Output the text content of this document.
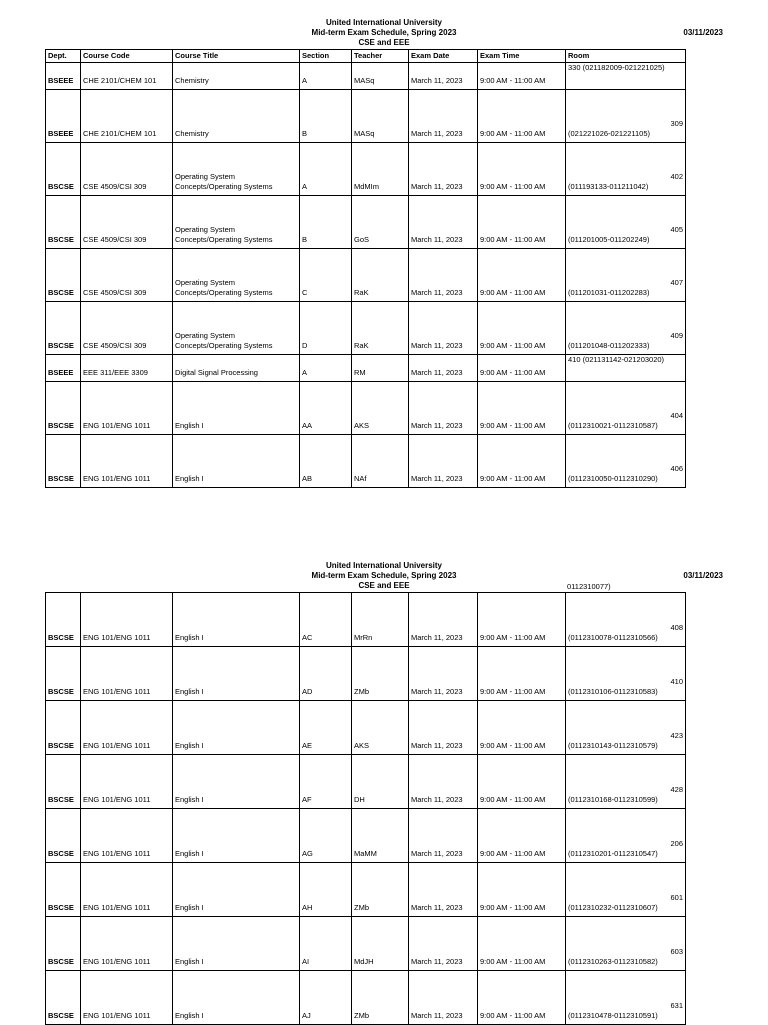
United International University
Mid-term Exam Schedule, Spring 2023	03/11/2023
CSE and EEE
Dept.	Course Code	Course Title	Section	Teacher	Exam Date	Exam Time	Room
BSEEE	CHE 2101/CHEM 101	Chemistry	A	MASq	March 11, 2023	9:00 AM - 11:00 AM	330 (021182009-021221025)

BSEEE	CHE 2101/CHEM 101	Chemistry	B	MASq	March 11, 2023	9:00 AM - 11:00 AM	309
(021221026-021221105)

BSCSE	CSE 4509/CSI 309	Operating System Concepts/Operating Systems	A	MdMIm	March 11, 2023	9:00 AM - 11:00 AM	402
(011193133-011211042)

BSCSE	CSE 4509/CSI 309	Operating System Concepts/Operating Systems	B	GoS	March 11, 2023	9:00 AM - 11:00 AM	405
(011201005-011202249)

BSCSE	CSE 4509/CSI 309	Operating System Concepts/Operating Systems	C	RaK	March 11, 2023	9:00 AM - 11:00 AM	407
(011201031-011202283)

BSCSE	CSE 4509/CSI 309	Operating System Concepts/Operating Systems	D	RaK	March 11, 2023	9:00 AM - 11:00 AM	409
(011201048-011202333)

BSEEE	EEE 311/EEE 3309	Digital Signal Processing	A	RM	March 11, 2023	9:00 AM - 11:00 AM	410 (021131142-021203020)

BSCSE	ENG 101/ENG 1011	English I	AA	AKS	March 11, 2023	9:00 AM - 11:00 AM	404
(0112310021-0112310587)

BSCSE	ENG 101/ENG 1011	English I	AB	NAf	March 11, 2023	9:00 AM - 11:00 AM	406
(0112310050-0112310290)
United International University
Mid-term Exam Schedule, Spring 2023	03/11/2023
CSE and EEE	0112310077)
BSCSE	ENG 101/ENG 1011	English I	AC	MrRn	March 11, 2023	9:00 AM - 11:00 AM	408
(0112310078-0112310566)

BSCSE	ENG 101/ENG 1011	English I	AD	ZMb	March 11, 2023	9:00 AM - 11:00 AM	410
(0112310106-0112310583)

BSCSE	ENG 101/ENG 1011	English I	AE	AKS	March 11, 2023	9:00 AM - 11:00 AM	423
(0112310143-0112310579)

BSCSE	ENG 101/ENG 1011	English I	AF	DH	March 11, 2023	9:00 AM - 11:00 AM	428
(0112310168-0112310599)

BSCSE	ENG 101/ENG 1011	English I	AG	MaMM	March 11, 2023	9:00 AM - 11:00 AM	206
(0112310201-0112310547)

BSCSE	ENG 101/ENG 1011	English I	AH	ZMb	March 11, 2023	9:00 AM - 11:00 AM	601
(0112310232-0112310607)

BSCSE	ENG 101/ENG 1011	English I	AI	MdJH	March 11, 2023	9:00 AM - 11:00 AM	603
(0112310263-0112310582)

BSCSE	ENG 101/ENG 1011	English I	AJ	ZMb	March 11, 2023	9:00 AM - 11:00 AM	631
(0112310478-0112310591)
